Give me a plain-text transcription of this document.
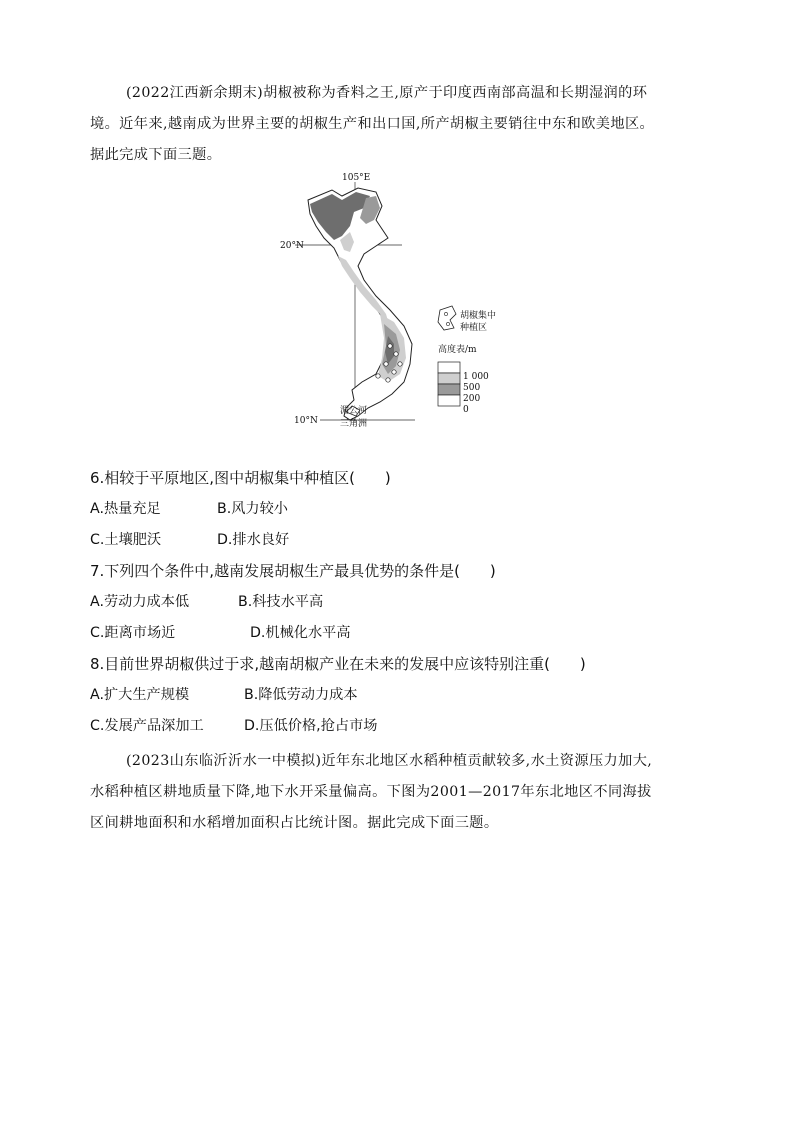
(2022江西新余期末)胡椒被称为香料之王,原产于印度西南部高温和长期湿润的环
境。近年来,越南成为世界主要的胡椒生产和出口国,所产胡椒主要销往中东和欧美地区。
据此完成下面三题。
105°E
20°N
10°N
湄公河
三角洲
胡椒集中
种植区
高度表/m
1 000
500
200
0
6.相较于平原地区,图中胡椒集中种植区(　　)
A.热量充足	B.风力较小
C.土壤肥沃	D.排水良好
7.下列四个条件中,越南发展胡椒生产最具优势的条件是(　　)
A.劳动力成本低	B.科技水平高
C.距离市场近	D.机械化水平高
8.目前世界胡椒供过于求,越南胡椒产业在未来的发展中应该特别注重(　　)
A.扩大生产规模	B.降低劳动力成本
C.发展产品深加工	D.压低价格,抢占市场
(2023山东临沂沂水一中模拟)近年东北地区水稻种植贡献较多,水土资源压力加大,
水稻种植区耕地质量下降,地下水开采量偏高。下图为2001—2017年东北地区不同海拔
区间耕地面积和水稻增加面积占比统计图。据此完成下面三题。
